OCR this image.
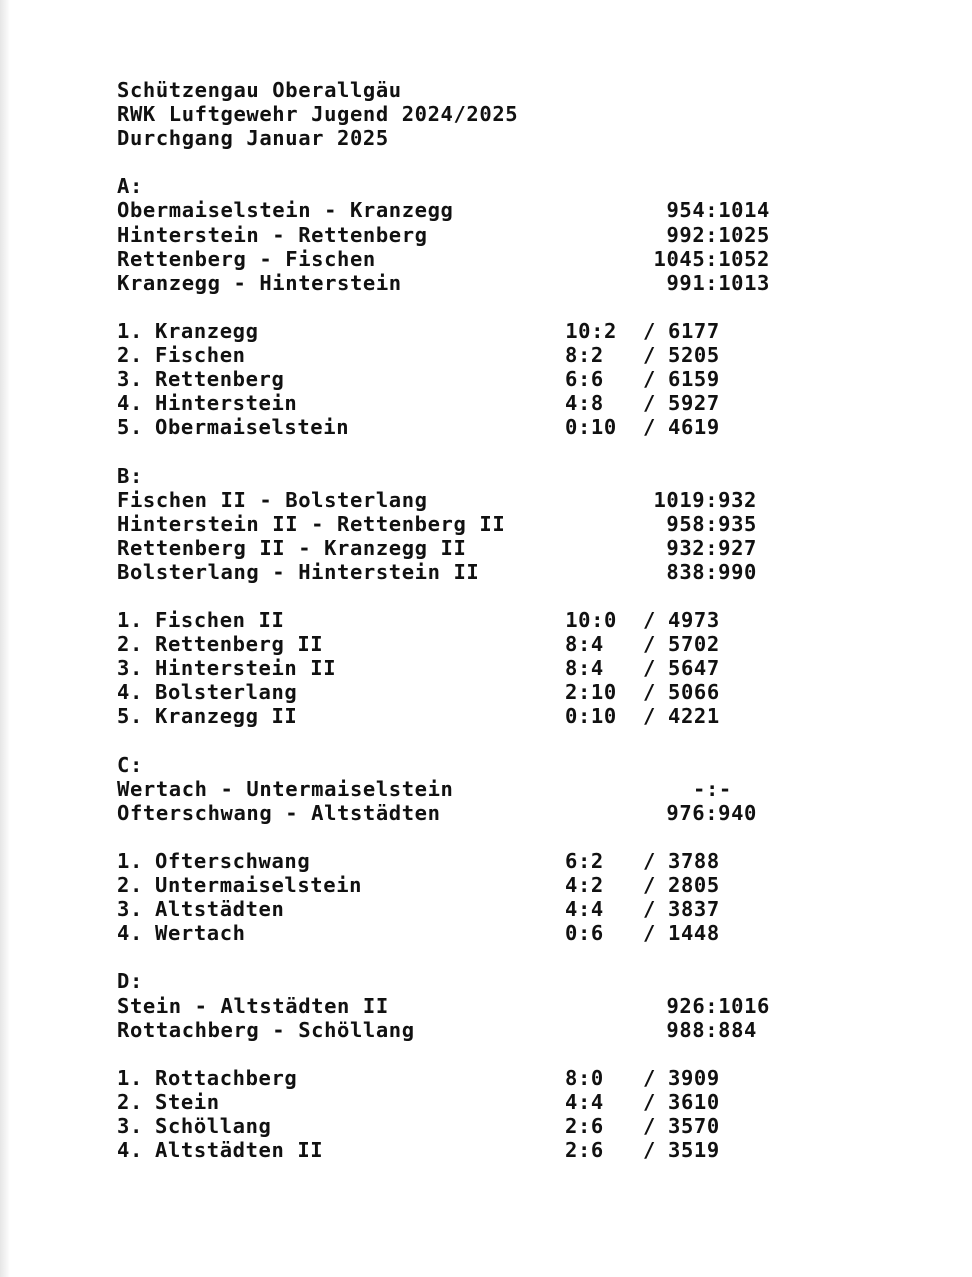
Schützengau Oberallgäu
RWK Luftgewehr Jugend 2024/2025
Durchgang Januar 2025
A:
Obermaiselstein - Kranzegg	954:1014
Hinterstein - Rettenberg	992:1025
Rettenberg - Fischen	1045:1052
Kranzegg - Hinterstein	991:1013
1. Kranzegg	10:2 / 6177
2. Fischen	8:2 / 5205
3. Rettenberg	6:6 / 6159
4. Hinterstein	4:8 / 5927
5. Obermaiselstein	0:10 / 4619
B:
Fischen II - Bolsterlang	1019:932
Hinterstein II - Rettenberg II	958:935
Rettenberg II - Kranzegg II	932:927
Bolsterlang - Hinterstein II	838:990
1. Fischen II	10:0 / 4973
2. Rettenberg II	8:4 / 5702
3. Hinterstein II	8:4 / 5647
4. Bolsterlang	2:10 / 5066
5. Kranzegg II	0:10 / 4221
C:
Wertach - Untermaiselstein	-:-
Ofterschwang - Altstädten	976:940
1. Ofterschwang	6:2 / 3788
2. Untermaiselstein	4:2 / 2805
3. Altstädten	4:4 / 3837
4. Wertach	0:6 / 1448
D:
Stein - Altstädten II	926:1016
Rottachberg - Schöllang	988:884
1. Rottachberg	8:0 / 3909
2. Stein	4:4 / 3610
3. Schöllang	2:6 / 3570
4. Altstädten II	2:6 / 3519
